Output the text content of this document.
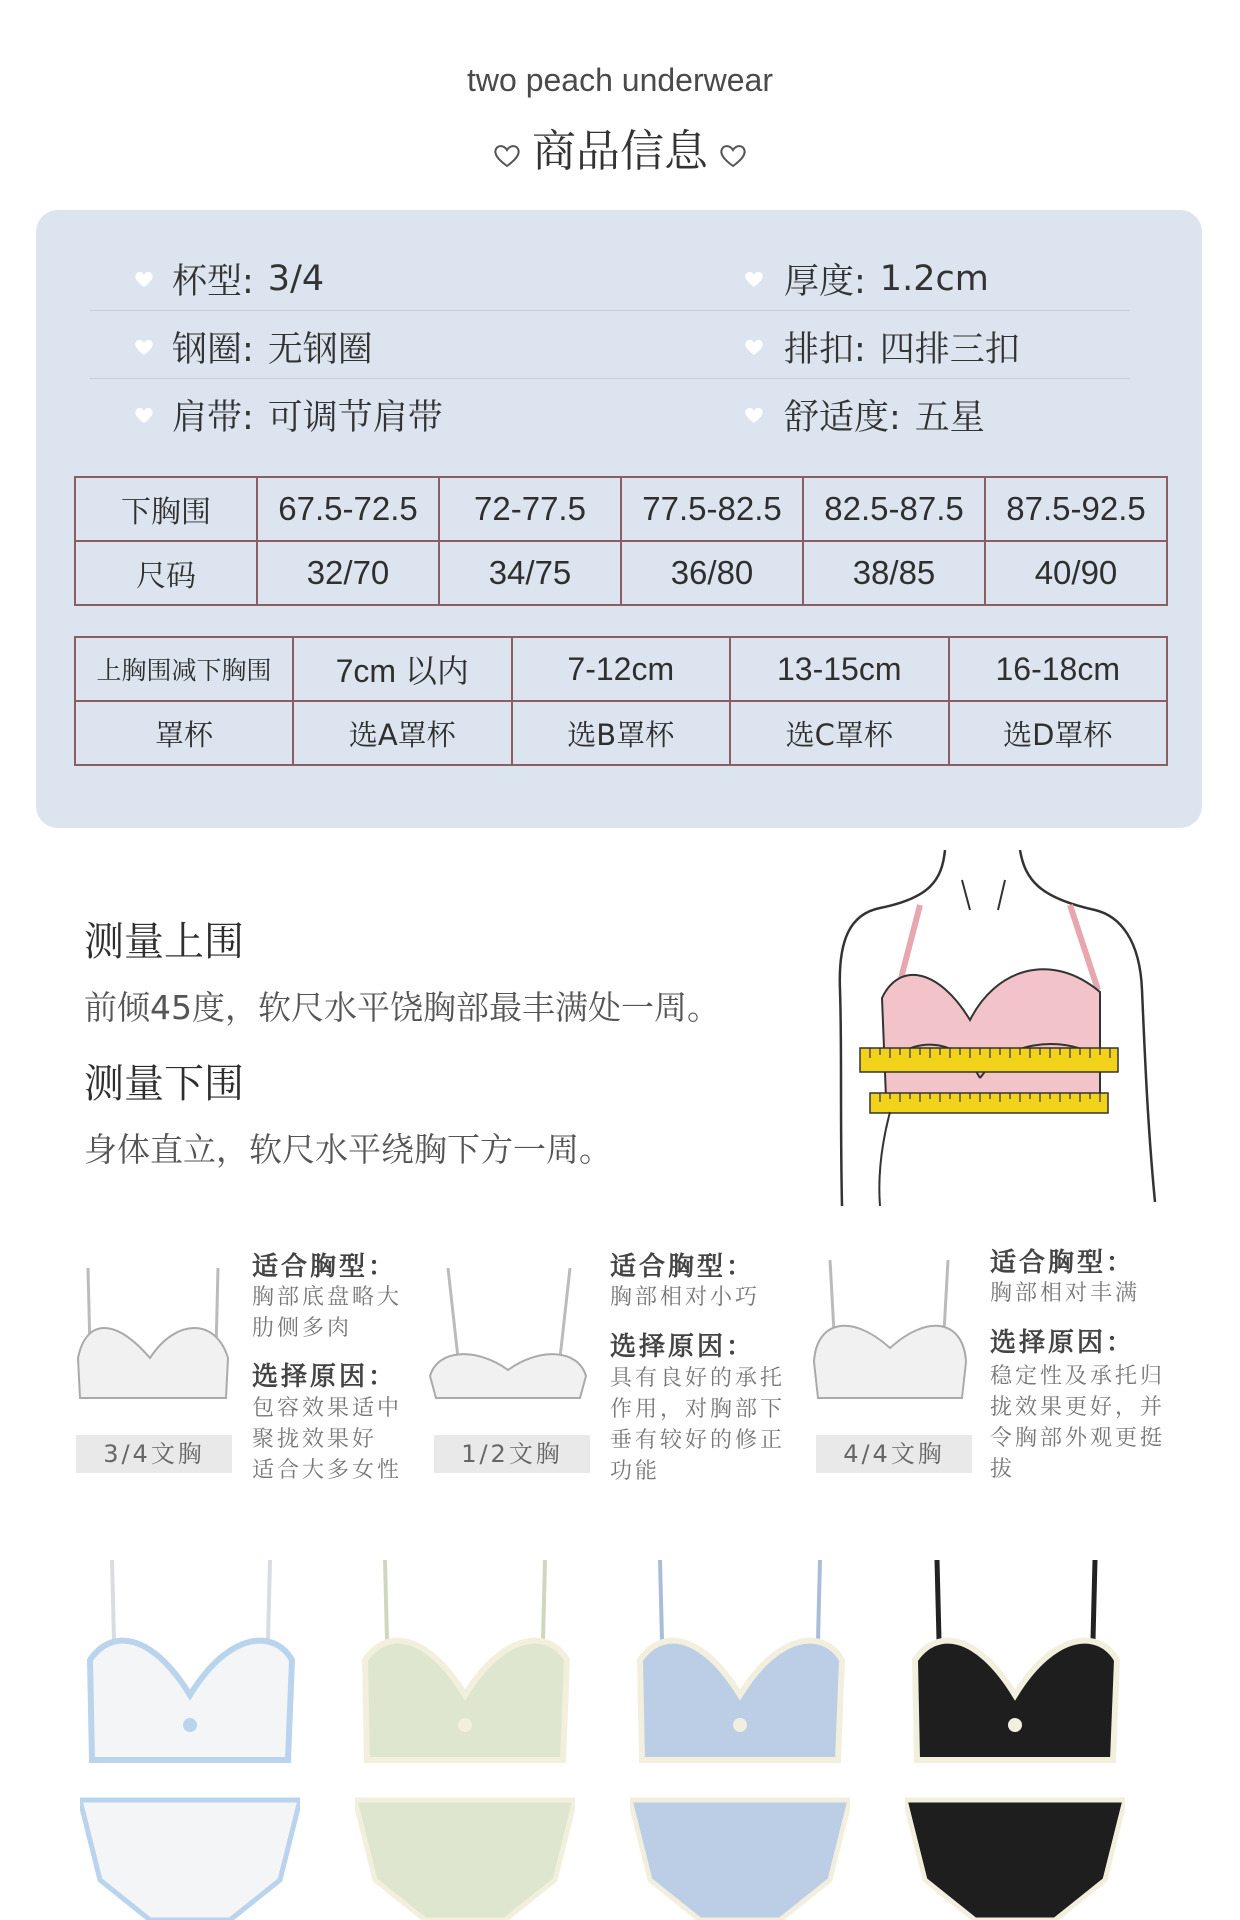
two peach underwear
商品信息
杯型: 3/4	厚度: 1.2cm
钢圈: 无钢圈	排扣: 四排三扣
肩带: 可调节肩带	舒适度: 五星
下胸围	67.5-72.5	72-77.5	77.5-82.5	82.5-87.5	87.5-92.5
尺码	32/70	34/75	36/80	38/85	40/90
上胸围减下胸围	7cm 以内	7-12cm	13-15cm	16-18cm
罩杯	选A罩杯	选B罩杯	选C罩杯	选D罩杯
测量上围
前倾45度，软尺水平饶胸部最丰满处一周。
测量下围
身体直立，软尺水平绕胸下方一周。
3/4文胸
适合胸型：
胸部底盘略大
肋侧多肉
选择原因：
包容效果适中
聚拢效果好
适合大多女性
1/2文胸
适合胸型：
胸部相对小巧
选择原因：
具有良好的承托
作用，对胸部下
垂有较好的修正
功能
4/4文胸
适合胸型：
胸部相对丰满
选择原因：
稳定性及承托归
拢效果更好，并
令胸部外观更挺
拔
